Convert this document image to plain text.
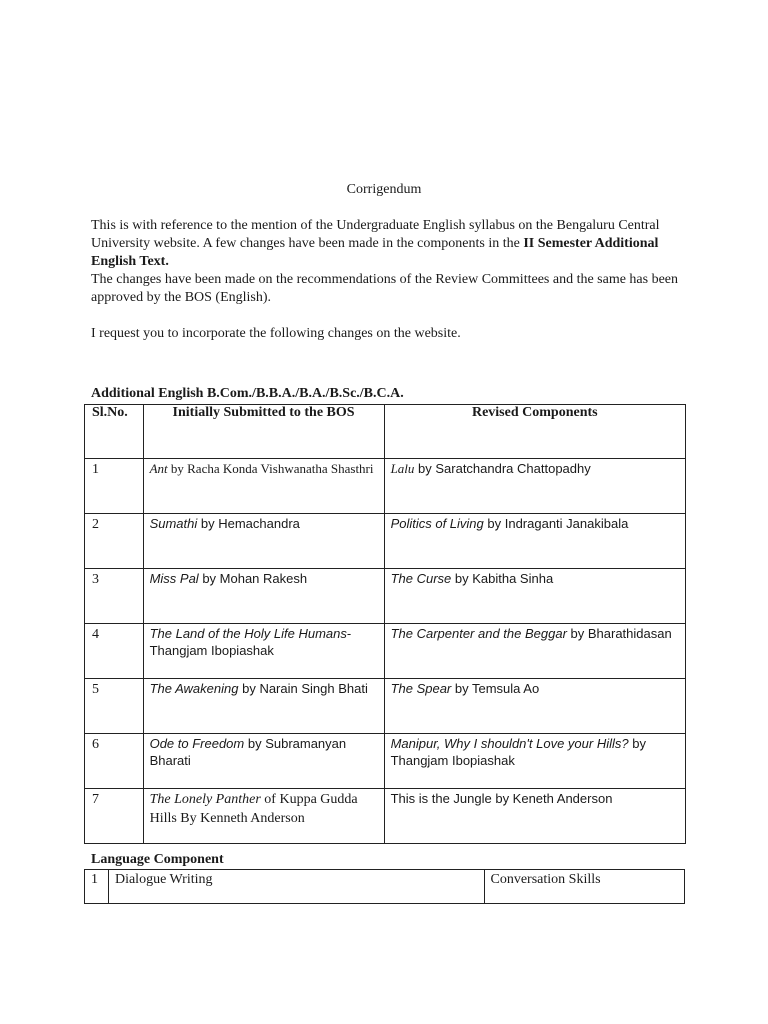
Corrigendum
This is with reference to the mention of the Undergraduate English syllabus on the Bengaluru Central University website. A few changes have been made in the components in the II Semester Additional English Text.
The changes have been made on the recommendations of the Review Committees and the same has been approved by the BOS (English).
I request you to incorporate the following changes on the website.
Additional English B.Com./B.B.A./B.A./B.Sc./B.C.A.
Sl.No.	Initially Submitted to the BOS	Revised Components
1	Ant by Racha Konda Vishwanatha Shasthri	Lalu by Saratchandra Chattopadhy
2	Sumathi by Hemachandra	Politics of Living by Indraganti Janakibala
3	Miss Pal by Mohan Rakesh	The Curse by Kabitha Sinha
4	The Land of the Holy Life Humans- Thangjam Ibopiashak	The Carpenter and the Beggar by Bharathidasan
5	The Awakening by Narain Singh Bhati	The Spear by Temsula Ao
6	Ode to Freedom by Subramanyan Bharati	Manipur, Why I shouldn't Love your Hills? by Thangjam Ibopiashak
7	The Lonely Panther of Kuppa Gudda Hills By Kenneth Anderson	This is the Jungle by Keneth Anderson
Language Component
1	Dialogue Writing	Conversation Skills
